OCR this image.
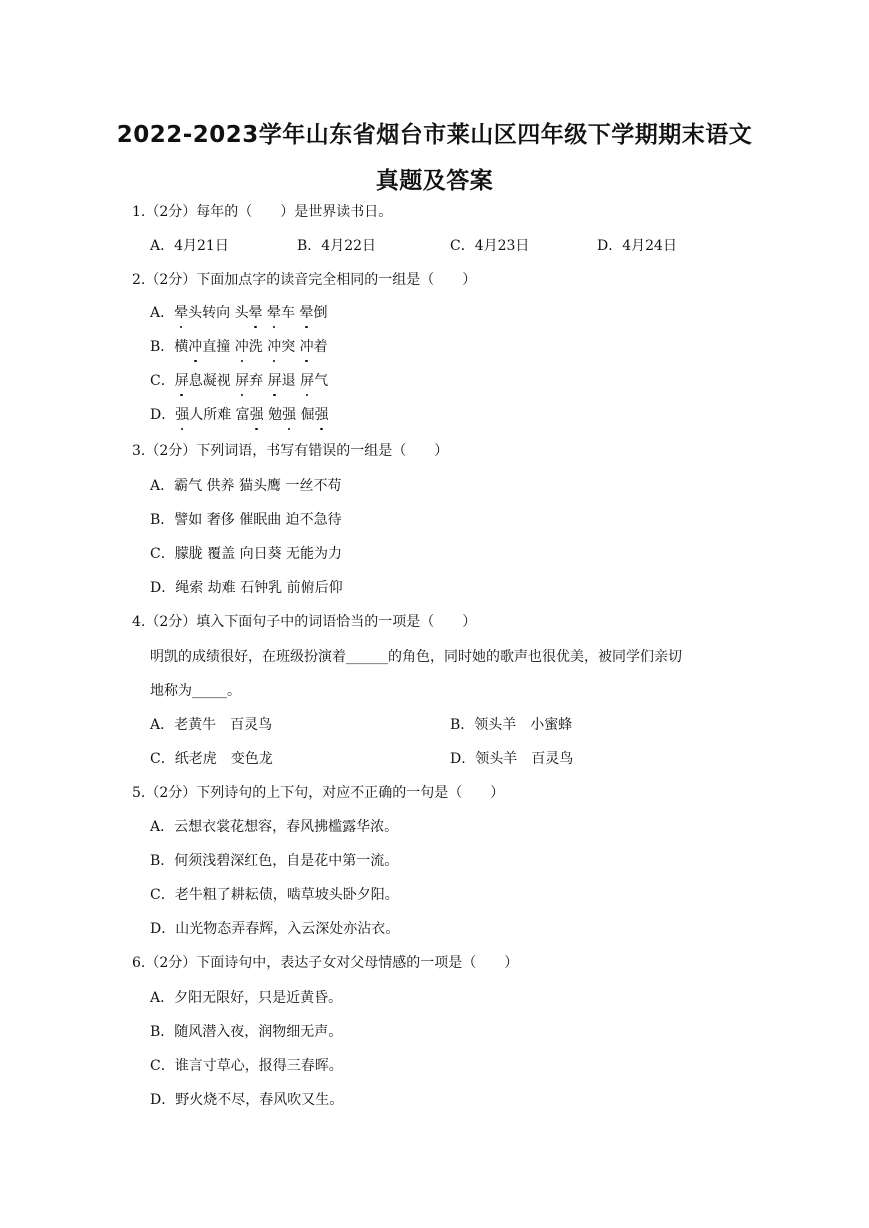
2022-2023学年山东省烟台市莱山区四年级下学期期末语文
真题及答案
1.（2分）每年的（　　）是世界读书日。
A．4月21日	B．4月22日	C．4月23日	D．4月24日
2.（2分）下面加点字的读音完全相同的一组是（　　）
A．晕头转向 头晕 晕车 晕倒
B．横冲直撞 冲洗 冲突 冲着
C．屏息凝视 屏弃 屏退 屏气
D．强人所难 富强 勉强 倔强
3.（2分）下列词语，书写有错误的一组是（　　）
A．霸气 供养 猫头鹰 一丝不苟
B．譬如 奢侈 催眠曲 迫不急待
C．朦胧 覆盖 向日葵 无能为力
D．绳索 劫难 石钟乳 前俯后仰
4.（2分）填入下面句子中的词语恰当的一项是（　　）
明凯的成绩很好，在班级扮演着______的角色，同时她的歌声也很优美，被同学们亲切
地称为_____。
A．老黄牛　百灵鸟	B．领头羊　小蜜蜂
C．纸老虎　变色龙	D．领头羊　百灵鸟
5.（2分）下列诗句的上下句，对应不正确的一句是（　　）
A．云想衣裳花想容，春风拂槛露华浓。
B．何须浅碧深红色，自是花中第一流。
C．老牛粗了耕耘债，啮草坡头卧夕阳。
D．山光物态弄春辉，入云深处亦沾衣。
6.（2分）下面诗句中，表达子女对父母情感的一项是（　　）
A．夕阳无限好，只是近黄昏。
B．随风潜入夜，润物细无声。
C．谁言寸草心，报得三春晖。
D．野火烧不尽，春风吹又生。
